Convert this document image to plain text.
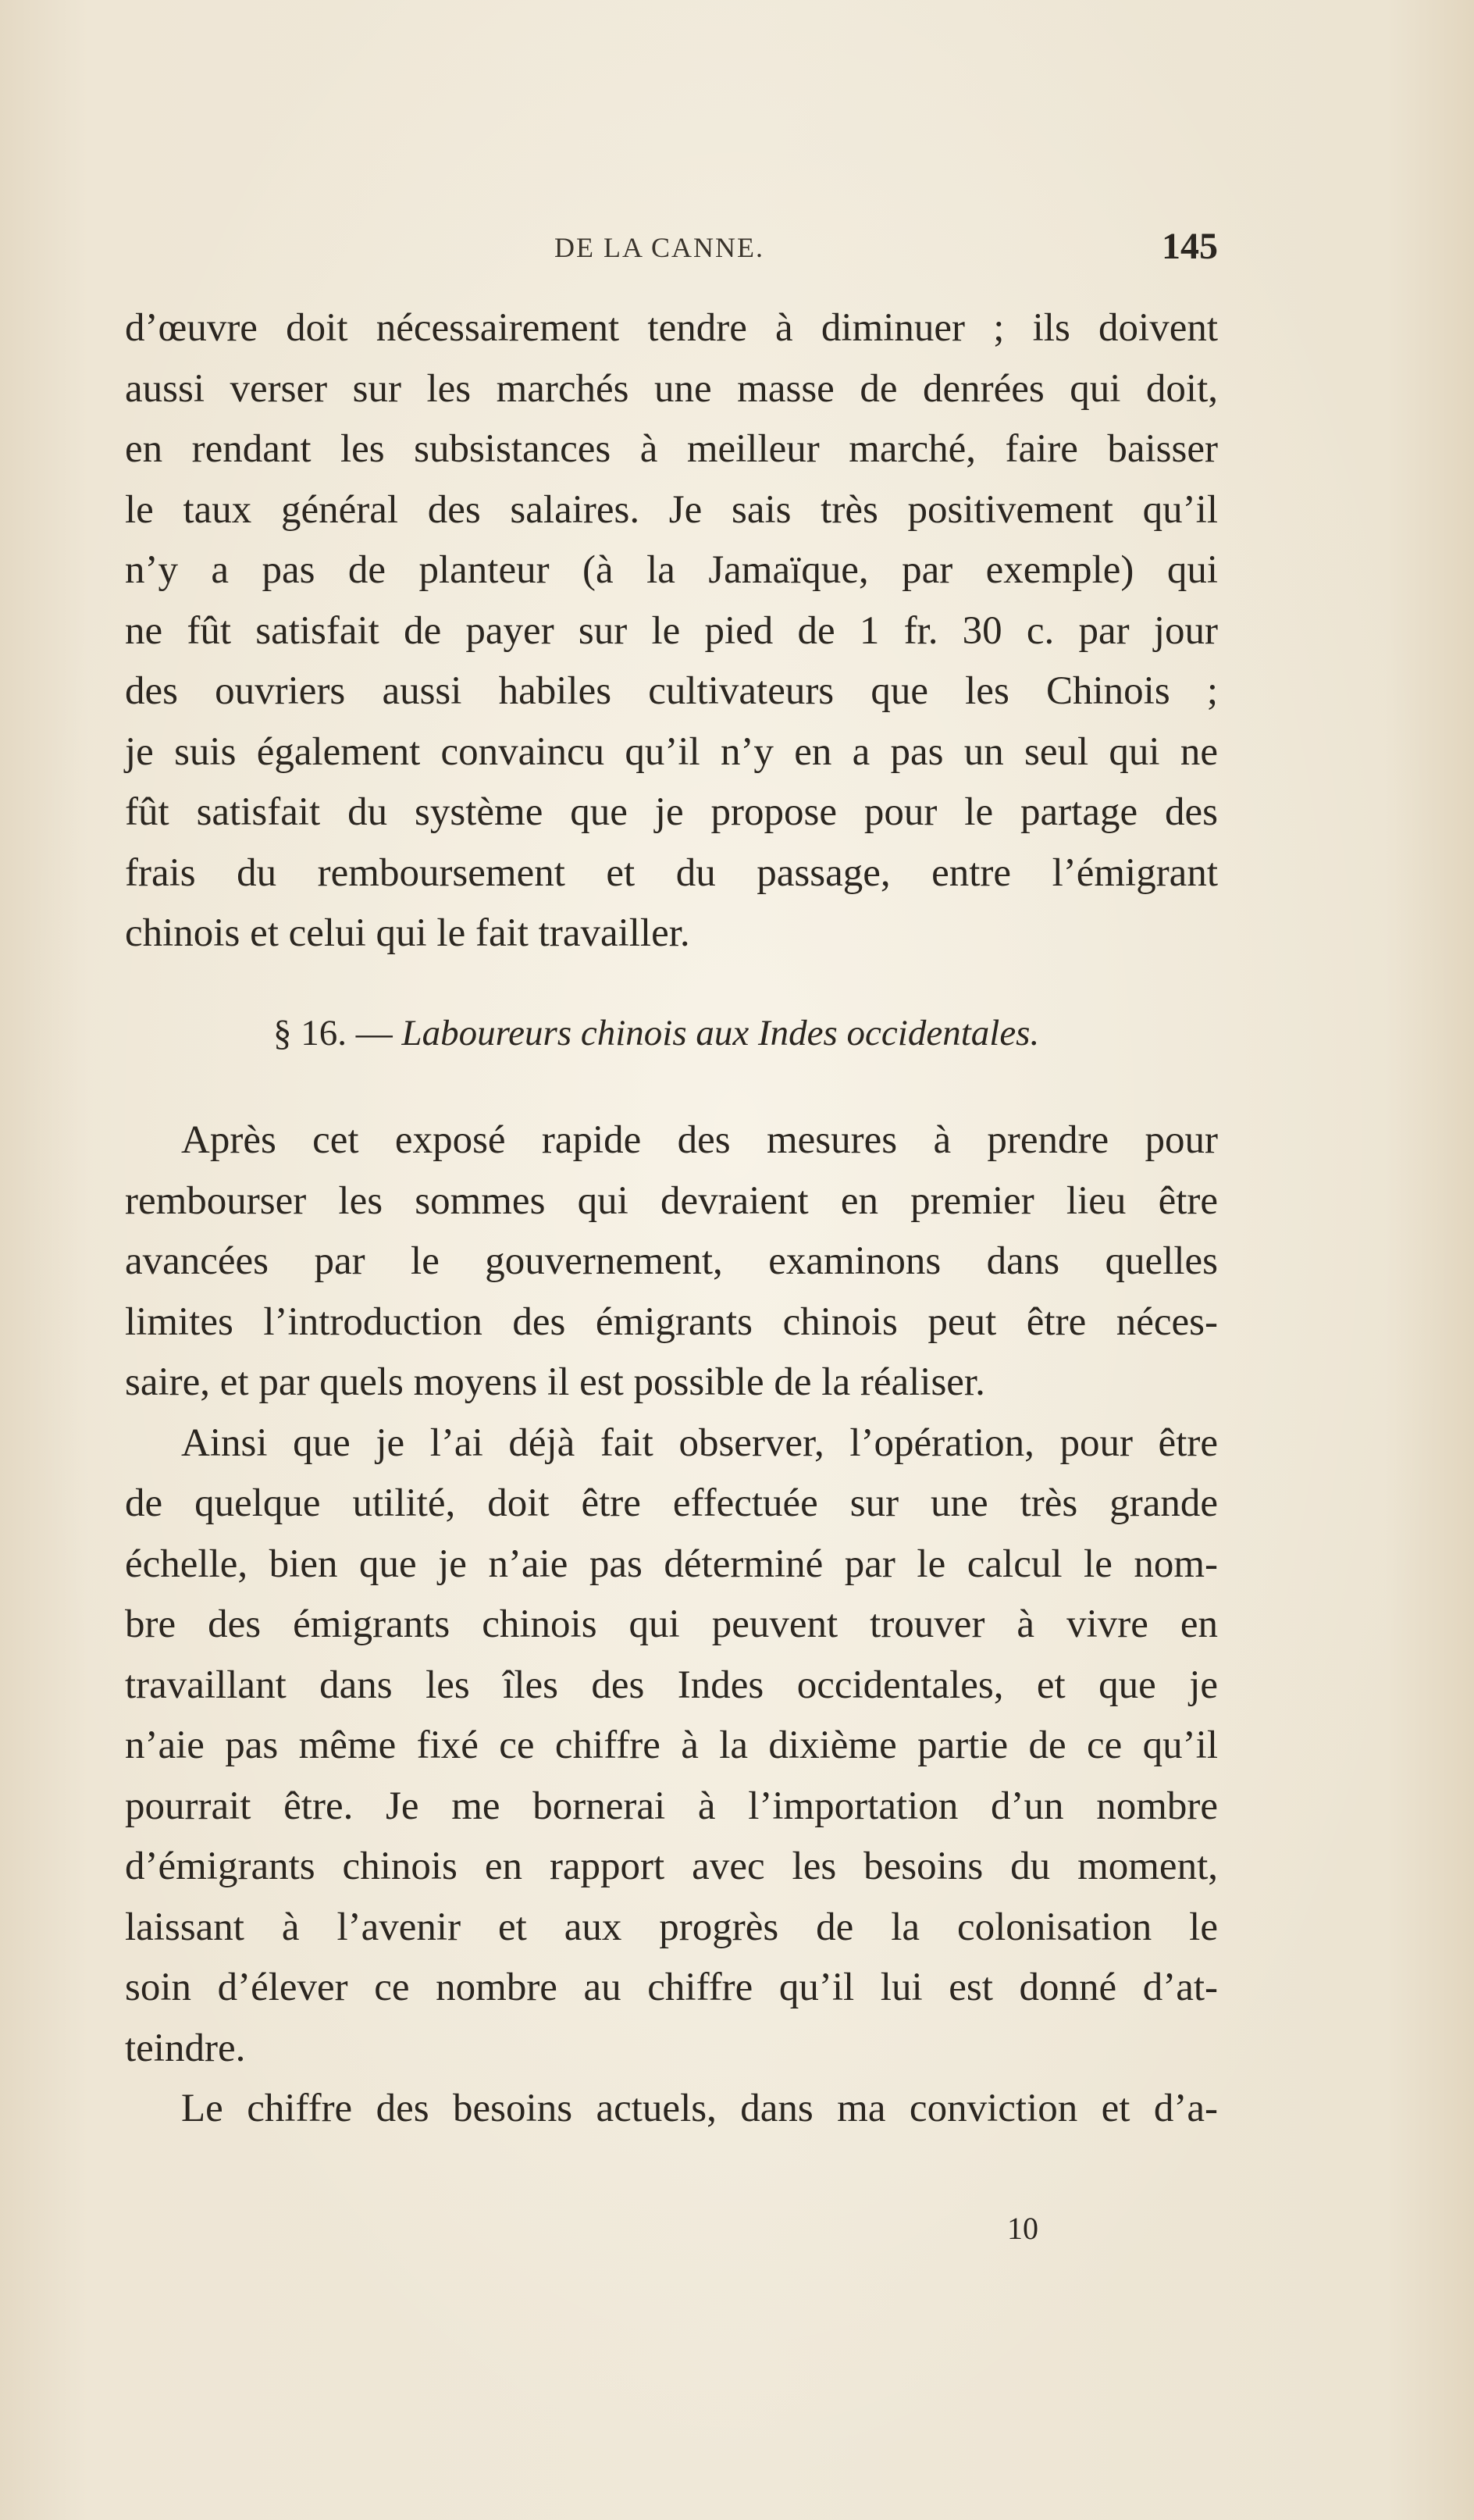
DE LA CANNE.	145
d’œuvre doit nécessairement tendre à diminuer ; ils doivent
aussi verser sur les marchés une masse de denrées qui doit,
en rendant les subsistances à meilleur marché, faire baisser
le taux général des salaires. Je sais très positivement qu’il
n’y a pas de planteur (à la Jamaïque, par exemple) qui
ne fût satisfait de payer sur le pied de 1 fr. 30 c. par jour
des ouvriers aussi habiles cultivateurs que les Chinois ;
je suis également convaincu qu’il n’y en a pas un seul qui ne
fût satisfait du système que je propose pour le partage des
frais du remboursement et du passage, entre l’émigrant
chinois et celui qui le fait travailler.
§ 16. — Laboureurs chinois aux Indes occidentales.
Après cet exposé rapide des mesures à prendre pour
rembourser les sommes qui devraient en premier lieu être
avancées par le gouvernement, examinons dans quelles
limites l’introduction des émigrants chinois peut être néces-
saire, et par quels moyens il est possible de la réaliser.
Ainsi que je l’ai déjà fait observer, l’opération, pour être
de quelque utilité, doit être effectuée sur une très grande
échelle, bien que je n’aie pas déterminé par le calcul le nom-
bre des émigrants chinois qui peuvent trouver à vivre en
travaillant dans les îles des Indes occidentales, et que je
n’aie pas même fixé ce chiffre à la dixième partie de ce qu’il
pourrait être. Je me bornerai à l’importation d’un nombre
d’émigrants chinois en rapport avec les besoins du moment,
laissant à l’avenir et aux progrès de la colonisation le
soin d’élever ce nombre au chiffre qu’il lui est donné d’at-
teindre.
Le chiffre des besoins actuels, dans ma conviction et d’a-
10
